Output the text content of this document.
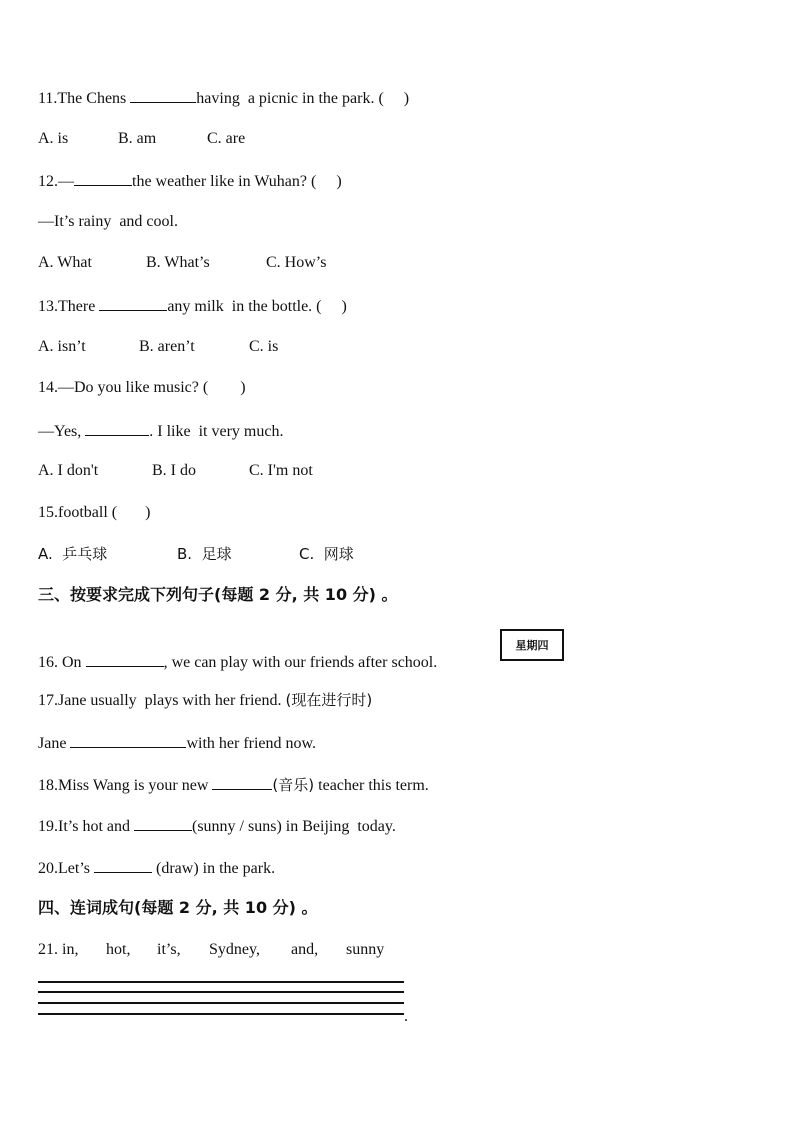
11.The Chens	having  a picnic in the park. (     )
A. is	B. am	C. are
12.—	the weather like in Wuhan? (     )
—It’s rainy  and cool.
A. What	B. What’s	C. How’s
13.There	any milk  in the bottle. (     )
A. isn’t	B. aren’t	C. is
14.—Do you like music? (        )
—Yes,	. I like  it very much.
A. I don't	B. I do	C. I'm not
15.football (       )
A.  乒乓球	B.  足球	C.  网球
三、按要求完成下列句子(每题 2 分, 共 10 分) 。
16. On	, we can play with our friends after school.
星期四
17.Jane usually  plays with her friend. (现在进行时)
Jane	with her friend now.
18.Miss Wang is your new	(音乐) teacher this term.
19.It’s hot and	(sunny / suns) in Beijing  today.
20.Let’s	(draw) in the park.
四、连词成句(每题 2 分, 共 10 分) 。
21. in, hot, it’s, Sydney, and, sunny
.
